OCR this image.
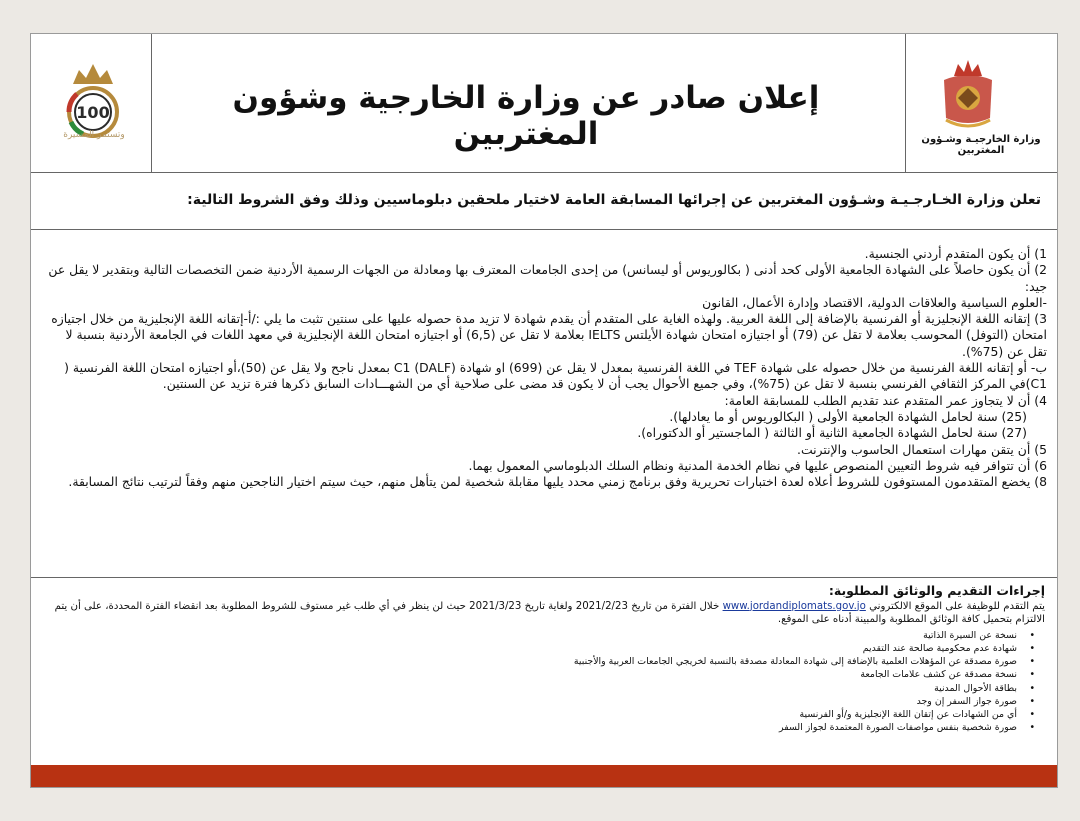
100
وتستمر المسيرة
إعلان صادر عن وزارة الخارجية وشؤون المغتربين	وزارة الخارجيـة وشـؤون المغتربين
تعلن وزارة الخـارجـيـة وشـؤون المغتربين عن إجرائها المسابقة العامة لاختيار ملحقين دبلوماسيين وذلك وفق الشروط التالية:

1) أن يكون المتقدم أردني الجنسية.

2) أن يكون حاصلاً على الشهادة الجامعية الأولى كحد أدنى ( بكالوريوس أو ليسانس) من إحدى الجامعات المعترف بها ومعادلة من الجهات الرسمية الأردنية ضمن التخصصات التالية وبتقدير لا يقل عن جيد:

-العلوم السياسية والعلاقات الدولية، الاقتصاد وإدارة الأعمال، القانون

3) إتقانه اللغة الإنجليزية أو الفرنسية بالإضافة إلى اللغة العربية. ولهذه الغاية على المتقدم أن يقدم شهادة لا تزيد مدة حصوله عليها على سنتين تثبت ما يلي :/أ-إتقانه اللغة الإنجليزية من خلال اجتيازه امتحان (التوفل) المحوسب بعلامة لا تقل عن (79) أو اجتيازه امتحان شهادة الأيلتس IELTS بعلامة لا تقل عن (6,5) أو اجتيازه امتحان اللغة الإنجليزية في معهد اللغات في الجامعة الأردنية بنسبة لا تقل عن (75%).

ب- أو إتقانه اللغة الفرنسية من خلال حصوله على شهادة TEF في اللغة الفرنسية بمعدل لا يقل عن (699) او شهادة (DALF) C1 بمعدل ناجح ولا يقل عن (50)،أو اجتيازه امتحان اللغة الفرنسية ( C1)في المركز الثقافي الفرنسي بنسبة لا تقل عن (75%)، وفي جميع الأحوال يجب أن لا يكون قد مضى على صلاحية أي من الشهـــادات السابق ذكرها فترة تزيد عن السنتين.

4) أن لا يتجاوز عمر المتقدم عند تقديم الطلب للمسابقة العامة:

(25) سنة لحامل الشهادة الجامعية الأولى ( البكالوريوس أو ما يعادلها).

(27) سنة لحامل الشهادة الجامعية الثانية أو الثالثة ( الماجستير أو الدكتوراه).

5) أن يتقن مهارات استعمال الحاسوب والإنترنت.

6) أن تتوافر فيه شروط التعيين المنصوص عليها في نظام الخدمة المدنية ونظام السلك الدبلوماسي المعمول بهما.

8) يخضع المتقدمون المستوفون للشروط أعلاه لعدة اختبارات تحريرية وفق برنامج زمني محدد يليها مقابلة شخصية لمن يتأهل منهم، حيث سيتم اختيار الناجحين منهم وفقاً لترتيب نتائج المسابقة.

إجراءات التقديم والوثائق المطلوبة:

يتم التقدم للوظيفة على الموقع الالكتروني www.jordandiplomats.gov.jo خلال الفترة من تاريخ 2021/2/23 ولغاية تاريخ 2021/3/23 حيث لن ينظر في أي طلب غير مستوف للشروط المطلوبة بعد انقضاء الفترة المحددة، على أن يتم الالتزام بتحميل كافة الوثائق المطلوبة والمبينة أدناه على الموقع.

• نسخة عن السيرة الذاتية
• شهادة عدم محكومية صالحة عند التقديم
• صورة مصدقة عن المؤهلات العلمية بالإضافة إلى شهادة المعادلة مصدقة بالنسبة لخريجي الجامعات العربية والأجنبية
• نسخة مصدقة عن كشف علامات الجامعة
• بطاقة الأحوال المدنية
• صورة جواز السفر إن وجد
• أي من الشهادات عن إتقان اللغة الإنجليزية و/أو الفرنسية
• صورة شخصية بنفس مواصفات الصورة المعتمدة لجواز السفر
